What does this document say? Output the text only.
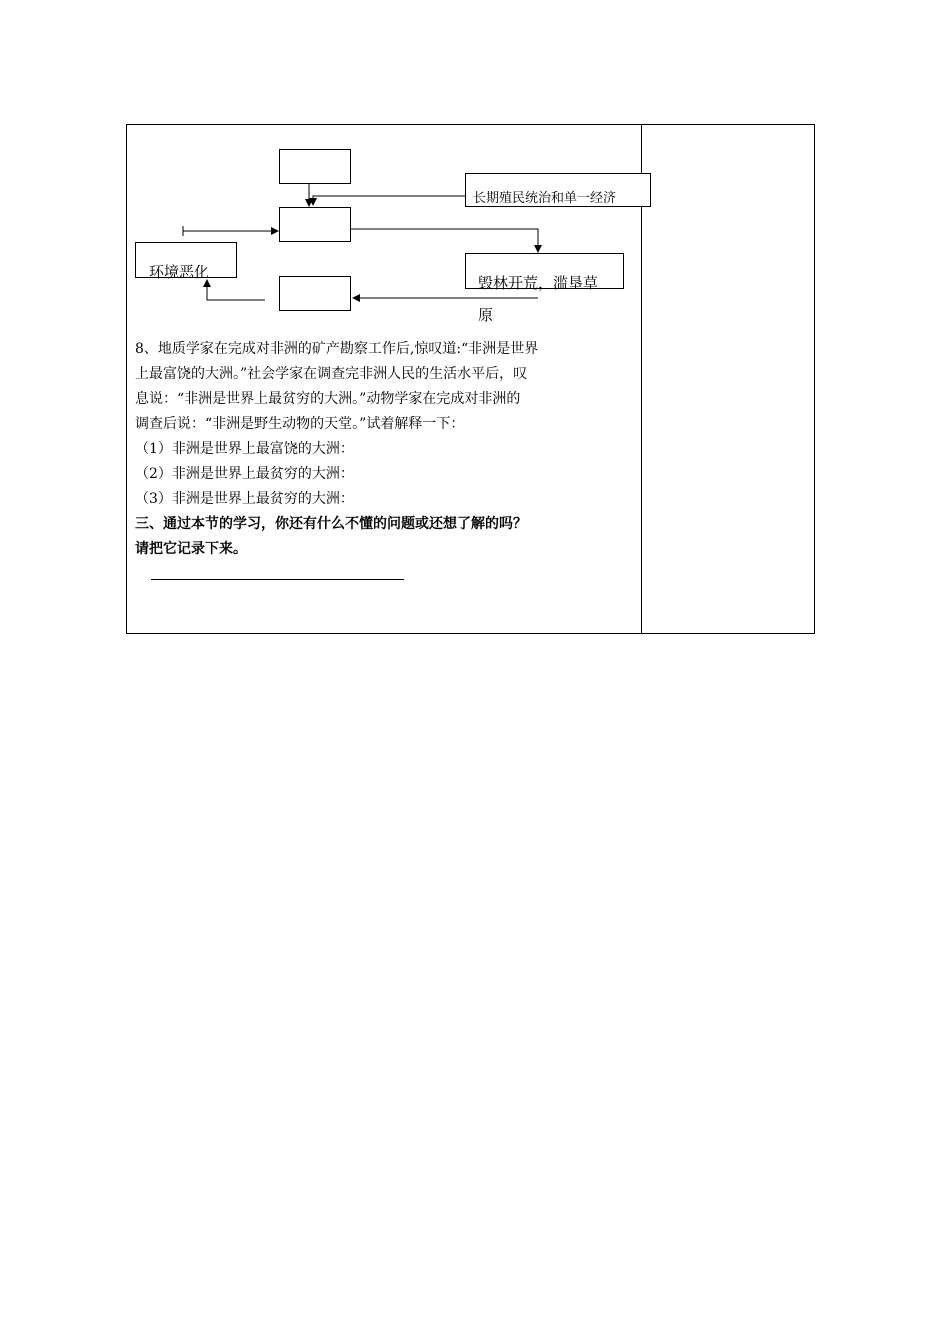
长期殖民统治和单一经济
环境恶化
毁林开荒，滥垦草
原

8、地质学家在完成对非洲的矿产勘察工作后,惊叹道:“非洲是世界

上最富饶的大洲。”社会学家在调查完非洲人民的生活水平后，叹

息说：“非洲是世界上最贫穷的大洲。”动物学家在完成对非洲的

调查后说：“非洲是野生动物的天堂。”试着解释一下：

（1）非洲是世界上最富饶的大洲：

（2）非洲是世界上最贫穷的大洲：

（3）非洲是世界上最贫穷的大洲：

三、通过本节的学习，你还有什么不懂的问题或还想了解的吗？

请把它记录下来。
